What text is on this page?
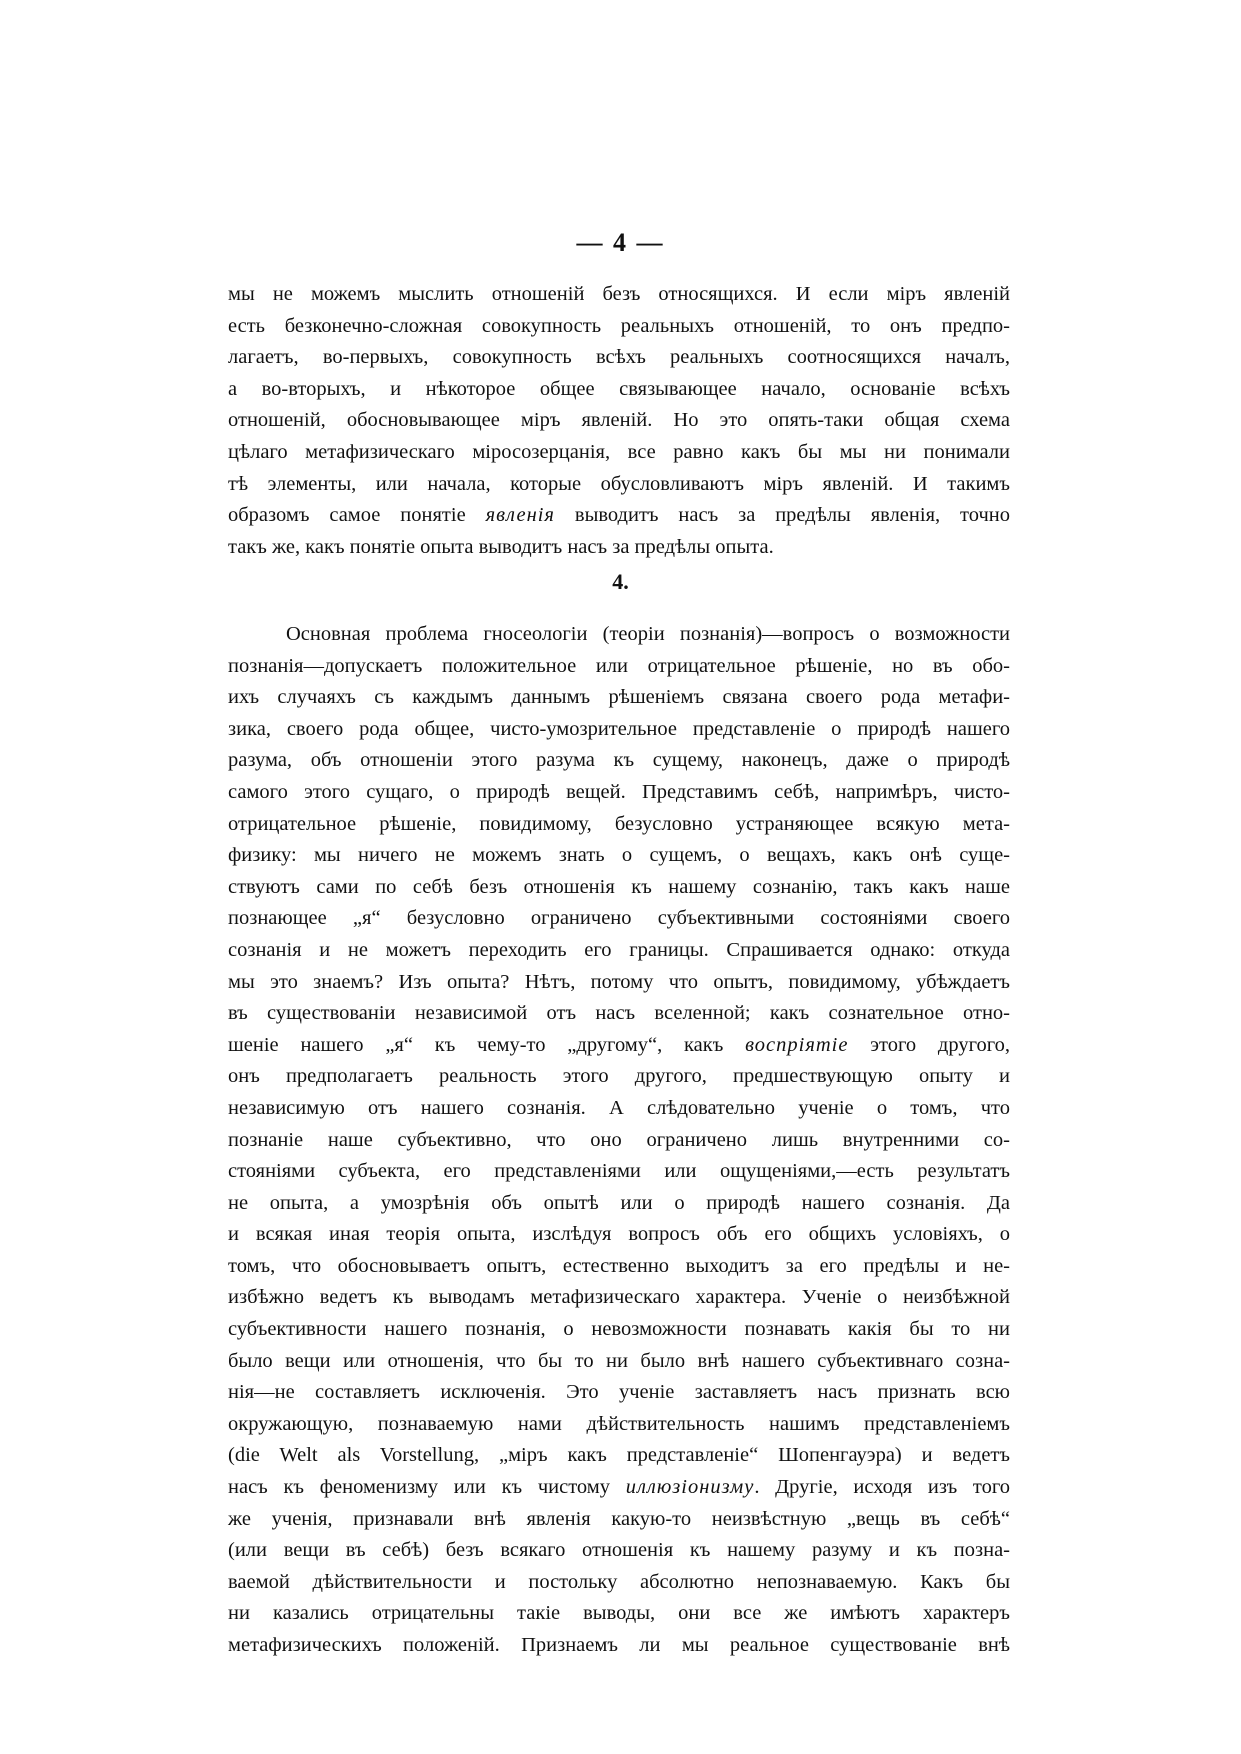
— 4 —
мы не можемъ мыслить отношенiй безъ относящихся. И если мiръ явленiй
есть безконечно-сложная совокупность реальныхъ отношенiй, то онъ предпо-
лагаетъ, во-первыхъ, совокупность всѣхъ реальныхъ соотносящихся началъ,
а во-вторыхъ, и нѣкоторое общее связывающее начало, основанiе всѣхъ
отношенiй, обосновывающее мiръ явленiй. Но это опять-таки общая схема
цѣлаго метафизическаго мiросозерцанiя, все равно какъ бы мы ни понимали
тѣ элементы, или начала, которые обусловливаютъ мiръ явленiй. И такимъ
образомъ самое понятiе явленiя выводитъ насъ за предѣлы явленiя, точно
такъ же, какъ понятiе опыта выводитъ насъ за предѣлы опыта.
4.
Основная проблема гносеологiи (теорiи познанiя)—вопросъ о возможности
познанiя—допускаетъ положительное или отрицательное рѣшенiе, но въ обо-
ихъ случаяхъ съ каждымъ даннымъ рѣшенiемъ связана своего рода метафи-
зика, своего рода общее, чисто-умозрительное представленiе о природѣ нашего
разума, объ отношенiи этого разума къ сущему, наконецъ, даже о природѣ
самого этого сущаго, о природѣ вещей. Представимъ себѣ, напримѣръ, чисто-
отрицательное рѣшенiе, повидимому, безусловно устраняющее всякую мета-
физику: мы ничего не можемъ знать о сущемъ, о вещахъ, какъ онѣ суще-
ствуютъ сами по себѣ безъ отношенiя къ нашему сознанiю, такъ какъ наше
познающее „я“ безусловно ограничено субъективными состоянiями своего
сознанiя и не можетъ переходить его границы. Спрашивается однако: откуда
мы это знаемъ? Изъ опыта? Нѣтъ, потому что опытъ, повидимому, убѣждаетъ
въ существованiи независимой отъ насъ вселенной; какъ сознательное отно-
шенiе нашего „я“ къ чему-то „другому“, какъ воспрiятiе этого другого,
онъ предполагаетъ реальность этого другого, предшествующую опыту и
независимую отъ нашего сознанiя. А слѣдовательно ученiе о томъ, что
познанiе наше субъективно, что оно ограничено лишь внутренними со-
стоянiями субъекта, его представленiями или ощущенiями,—есть результатъ
не опыта, а умозрѣнiя объ опытѣ или о природѣ нашего сознанiя. Да
и всякая иная теорiя опыта, изслѣдуя вопросъ объ его общихъ условiяхъ, о
томъ, что обосновываетъ опытъ, естественно выходитъ за его предѣлы и не-
избѣжно ведетъ къ выводамъ метафизическаго характера. Ученiе о неизбѣжной
субъективности нашего познанiя, о невозможности познавать какiя бы то ни
было вещи или отношенiя, что бы то ни было внѣ нашего субъективнаго созна-
нiя—не составляетъ исключенiя. Это ученiе заставляетъ насъ признать всю
окружающую, познаваемую нами дѣйствительность нашимъ представленiемъ
(die Welt als Vorstellung, „мiръ какъ представленiе“ Шопенгауэра) и ведетъ
насъ къ феноменизму или къ чистому иллюзiонизму. Другiе, исходя изъ того
же ученiя, признавали внѣ явленiя какую-то неизвѣстную „вещь въ себѣ“
(или вещи въ себѣ) безъ всякаго отношенiя къ нашему разуму и къ позна-
ваемой дѣйствительности и постольку абсолютно непознаваемую. Какъ бы
ни казались отрицательны такiе выводы, они все же имѣютъ характеръ
метафизическихъ положенiй. Признаемъ ли мы реальное существованiе внѣ
